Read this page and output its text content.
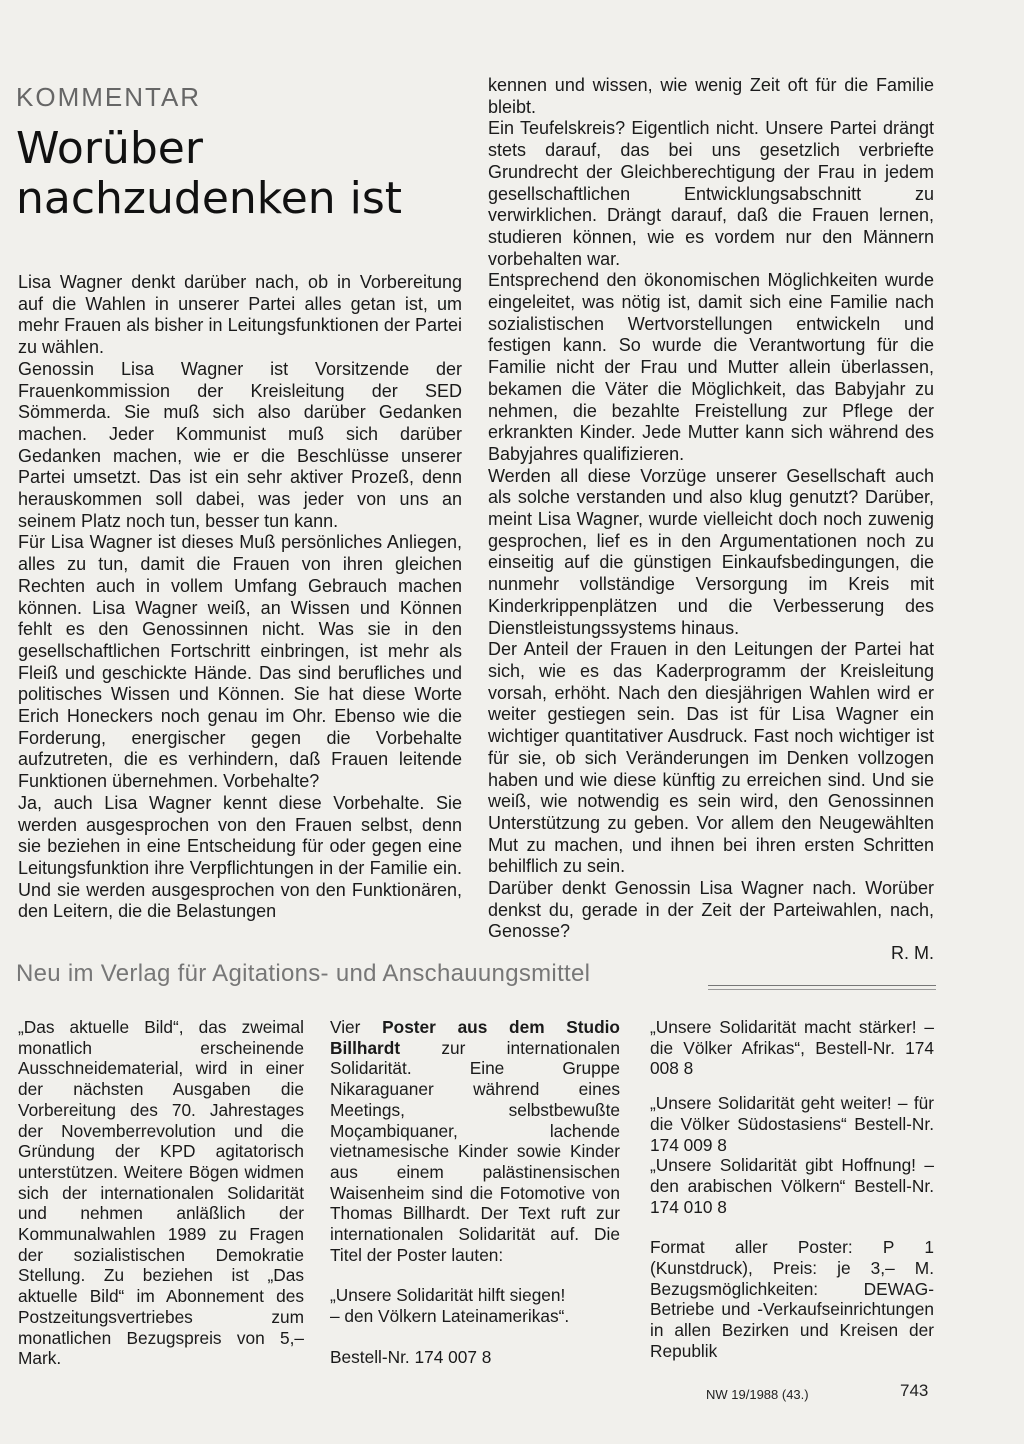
KOMMENTAR
Worüber
nachzudenken ist

Lisa Wagner denkt darüber nach, ob in Vorbereitung auf die Wahlen in unserer Partei alles getan ist, um mehr Frauen als bisher in Leitungsfunktionen der Partei zu wählen.

Genossin Lisa Wagner ist Vorsitzende der Frauenkommission der Kreisleitung der SED Sömmerda. Sie muß sich also darüber Gedanken machen. Jeder Kommunist muß sich darüber Gedanken machen, wie er die Beschlüsse unserer Partei umsetzt. Das ist ein sehr aktiver Prozeß, denn herauskommen soll dabei, was jeder von uns an seinem Platz noch tun, besser tun kann.

Für Lisa Wagner ist dieses Muß persönliches Anliegen, alles zu tun, damit die Frauen von ihren gleichen Rechten auch in vollem Umfang Gebrauch machen können. Lisa Wagner weiß, an Wissen und Können fehlt es den Genossinnen nicht. Was sie in den gesellschaftlichen Fortschritt einbringen, ist mehr als Fleiß und geschickte Hände. Das sind berufliches und politisches Wissen und Können. Sie hat diese Worte Erich Honeckers noch genau im Ohr. Ebenso wie die Forderung, energischer gegen die Vorbehalte aufzutreten, die es verhindern, daß Frauen leitende Funktionen übernehmen. Vorbehalte?

Ja, auch Lisa Wagner kennt diese Vorbehalte. Sie werden ausgesprochen von den Frauen selbst, denn sie beziehen in eine Entscheidung für oder gegen eine Leitungsfunktion ihre Verpflichtungen in der Familie ein. Und sie werden ausgesprochen von den Funktionären, den Leitern, die die Belastungen

kennen und wissen, wie wenig Zeit oft für die Familie bleibt.

Ein Teufelskreis? Eigentlich nicht. Unsere Partei drängt stets darauf, das bei uns gesetzlich verbriefte Grundrecht der Gleichberechtigung der Frau in jedem gesellschaftlichen Entwicklungsabschnitt zu verwirklichen. Drängt darauf, daß die Frauen lernen, studieren können, wie es vordem nur den Männern vorbehalten war.

Entsprechend den ökonomischen Möglichkeiten wurde eingeleitet, was nötig ist, damit sich eine Familie nach sozialistischen Wertvorstellungen entwickeln und festigen kann. So wurde die Verantwortung für die Familie nicht der Frau und Mutter allein überlassen, bekamen die Väter die Möglichkeit, das Babyjahr zu nehmen, die bezahlte Freistellung zur Pflege der erkrankten Kinder. Jede Mutter kann sich während des Babyjahres qualifizieren.

Werden all diese Vorzüge unserer Gesellschaft auch als solche verstanden und also klug genutzt? Darüber, meint Lisa Wagner, wurde vielleicht doch noch zuwenig gesprochen, lief es in den Argumentationen noch zu einseitig auf die günstigen Einkaufsbedingungen, die nunmehr vollständige Versorgung im Kreis mit Kinderkrippenplätzen und die Verbesserung des Dienstleistungssystems hinaus.

Der Anteil der Frauen in den Leitungen der Partei hat sich, wie es das Kaderprogramm der Kreisleitung vorsah, erhöht. Nach den diesjährigen Wahlen wird er weiter gestiegen sein. Das ist für Lisa Wagner ein wichtiger quantitativer Ausdruck. Fast noch wichtiger ist für sie, ob sich Veränderungen im Denken vollzogen haben und wie diese künftig zu erreichen sind. Und sie weiß, wie notwendig es sein wird, den Genossinnen Unterstützung zu geben. Vor allem den Neugewählten Mut zu machen, und ihnen bei ihren ersten Schritten behilflich zu sein.

Darüber denkt Genossin Lisa Wagner nach. Worüber denkst du, gerade in der Zeit der Parteiwahlen, nach, Genosse?

R. M.

Neu im Verlag für Agitations- und Anschauungsmittel

„Das aktuelle Bild“, das zweimal monatlich erscheinende Ausschneidematerial, wird in einer der nächsten Ausgaben die Vorbereitung des 70. Jahrestages der Novemberrevolution und die Gründung der KPD agitatorisch unterstützen. Weitere Bögen widmen sich der internationalen Solidarität und nehmen anläßlich der Kommunalwahlen 1989 zu Fragen der sozialistischen Demokratie Stellung. Zu beziehen ist „Das aktuelle Bild“ im Abonnement des Postzeitungsvertriebes zum monatlichen Bezugspreis von 5,– Mark.

Vier Poster aus dem Studio Billhardt zur internationalen Solidarität. Eine Gruppe Nikaraguaner während eines Meetings, selbstbewußte Moçambiquaner, lachende vietnamesische Kinder sowie Kinder aus einem palästinensischen Waisenheim sind die Fotomotive von Thomas Billhardt. Der Text ruft zur internationalen Solidarität auf. Die Titel der Poster lauten:

„Unsere Solidarität hilft siegen!
– den Völkern Lateinamerikas“.

Bestell-Nr. 174 007 8

„Unsere Solidarität macht stärker! – die Völker Afrikas“, Bestell-Nr. 174 008 8

„Unsere Solidarität geht weiter! – für die Völker Südostasiens“ Bestell-Nr. 174 009 8

„Unsere Solidarität gibt Hoffnung! – den arabischen Völkern“ Bestell-Nr. 174 010 8

Format aller Poster: P 1 (Kunstdruck), Preis: je 3,– M. Bezugsmöglichkeiten: DEWAG-Betriebe und -Verkaufseinrichtungen in allen Bezirken und Kreisen der Republik

NW 19/1988 (43.)	743
